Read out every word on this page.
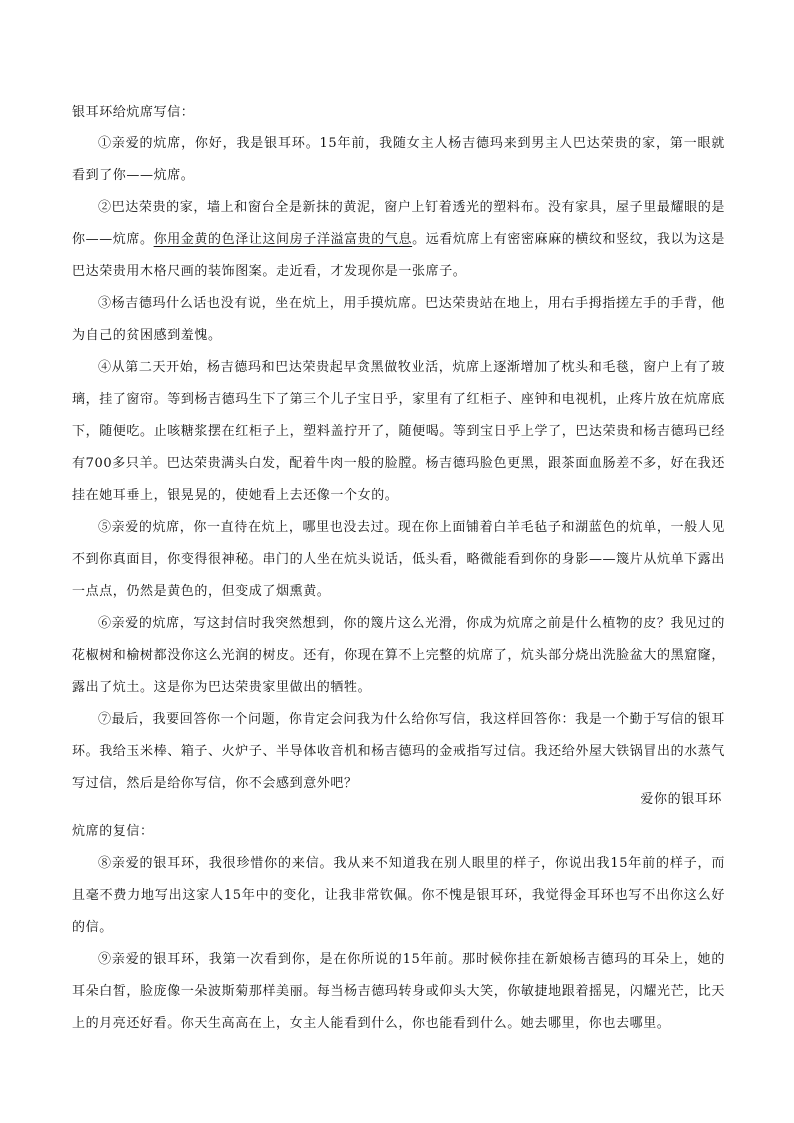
银耳环给炕席写信：
①亲爱的炕席，你好，我是银耳环。15年前，我随女主人杨吉德玛来到男主人巴达荣贵的家，第一眼就看到了你——炕席。
②巴达荣贵的家，墙上和窗台全是新抹的黄泥，窗户上钉着透光的塑料布。没有家具，屋子里最耀眼的是你——炕席。你用金黄的色泽让这间房子洋溢富贵的气息。远看炕席上有密密麻麻的横纹和竖纹，我以为这是巴达荣贵用木格尺画的装饰图案。走近看，才发现你是一张席子。
③杨吉德玛什么话也没有说，坐在炕上，用手摸炕席。巴达荣贵站在地上，用右手拇指搓左手的手背，他为自己的贫困感到羞愧。
④从第二天开始，杨吉德玛和巴达荣贵起早贪黑做牧业活，炕席上逐渐增加了枕头和毛毯，窗户上有了玻璃，挂了窗帘。等到杨吉德玛生下了第三个儿子宝日乎，家里有了红柜子、座钟和电视机，止疼片放在炕席底下，随便吃。止咳糖浆摆在红柜子上，塑料盖拧开了，随便喝。等到宝日乎上学了，巴达荣贵和杨吉德玛已经有700多只羊。巴达荣贵满头白发，配着牛肉一般的脸膛。杨吉德玛脸色更黑，跟茶面血肠差不多，好在我还挂在她耳垂上，银晃晃的，使她看上去还像一个女的。
⑤亲爱的炕席，你一直待在炕上，哪里也没去过。现在你上面铺着白羊毛毡子和湖蓝色的炕单，一般人见不到你真面目，你变得很神秘。串门的人坐在炕头说话，低头看，略微能看到你的身影——篾片从炕单下露出一点点，仍然是黄色的，但变成了烟熏黄。
⑥亲爱的炕席，写这封信时我突然想到，你的篾片这么光滑，你成为炕席之前是什么植物的皮？我见过的花椒树和榆树都没你这么光润的树皮。还有，你现在算不上完整的炕席了，炕头部分烧出洗脸盆大的黑窟窿，露出了炕土。这是你为巴达荣贵家里做出的牺牲。
⑦最后，我要回答你一个问题，你肯定会问我为什么给你写信，我这样回答你：我是一个勤于写信的银耳环。我给玉米棒、箱子、火炉子、半导体收音机和杨吉德玛的金戒指写过信。我还给外屋大铁锅冒出的水蒸气写过信，然后是给你写信，你不会感到意外吧？
爱你的银耳环
炕席的复信：
⑧亲爱的银耳环，我很珍惜你的来信。我从来不知道我在别人眼里的样子，你说出我15年前的样子，而且毫不费力地写出这家人15年中的变化，让我非常钦佩。你不愧是银耳环，我觉得金耳环也写不出你这么好的信。
⑨亲爱的银耳环，我第一次看到你，是在你所说的15年前。那时候你挂在新娘杨吉德玛的耳朵上，她的耳朵白皙，脸庞像一朵波斯菊那样美丽。每当杨吉德玛转身或仰头大笑，你敏捷地跟着摇晃，闪耀光芒，比天上的月亮还好看。你天生高高在上，女主人能看到什么，你也能看到什么。她去哪里，你也去哪里。
